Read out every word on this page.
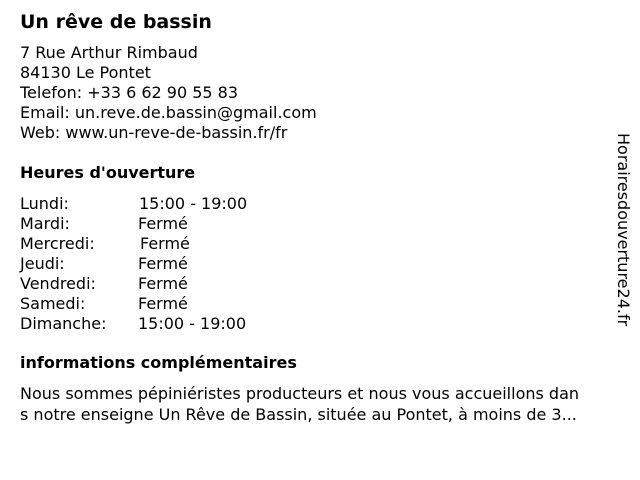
Un rêve de bassin
7 Rue Arthur Rimbaud
84130 Le Pontet
Telefon: +33 6 62 90 55 83
Email: un.reve.de.bassin@gmail.com
Web: www.un-reve-de-bassin.fr/fr
Heures d'ouverture
Lundi:	15:00 - 19:00
Mardi:	Fermé
Mercredi:	Fermé
Jeudi:	Fermé
Vendredi:	Fermé
Samedi:	Fermé
Dimanche: 15:00 - 19:00
informations complémentaires
Nous sommes pépiniéristes producteurs et nous vous accueillons dan
s notre enseigne Un Rêve de Bassin, située au Pontet, à moins de 3...
Horairesdouverture24.fr
